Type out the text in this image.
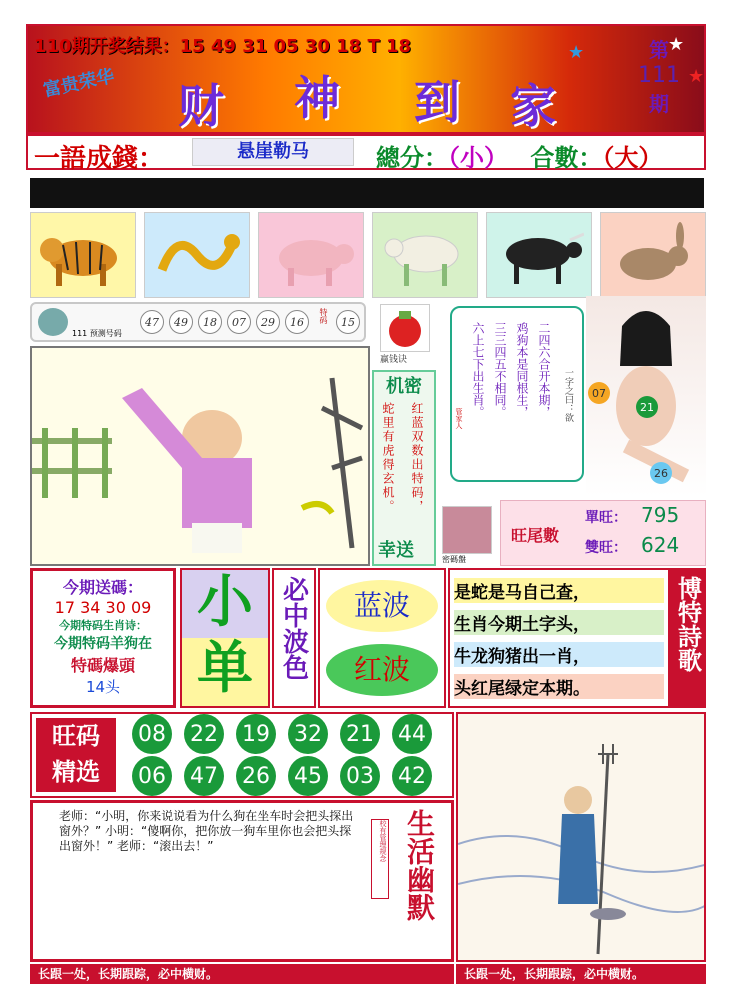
110期开奖结果：15 49 31 05 30 18 T 18
富贵荣华	财 神 到 家
★	★
★
第
111
期
一語成錢：	悬崖勒马	總分：（小） 合數：（大）
111 预测号码
47	49	18	07	29	16	特码	15
赢钱诀
机密
红蓝双数出特码，
蛇里有虎得玄机。
幸送	密碼盤
二四六合开本期，
鸡狗本是同根生，
三三四五不相同。
六上七下出生肖。	一字之曰：欲
管家人
07
21
26
旺尾數
單旺： 795
雙旺： 624
今期送碼：
17 34 30 09
今期特码生肖诗：
今期特码羊狗在
特碼爆頭
14头
小
单 必中波色	蓝波
红波
是蛇是马自己查，
生肖今期土字头，
牛龙狗猪出一肖，
头红尾绿定本期。
博特詩歌
旺码
精选
08 22 19 32 21 44
06 47 26 45 03 42
老师：“小明，你来说说看为什么狗在坐车时会把头探出窗外？” 小明：“傻啊你，把你放一狗车里你也会把头探出窗外！” 老师：“滚出去！”	校有管理规念 生活幽默
长跟一处，长期跟踪，必中横财。	长跟一处，长期跟踪，必中横财。
